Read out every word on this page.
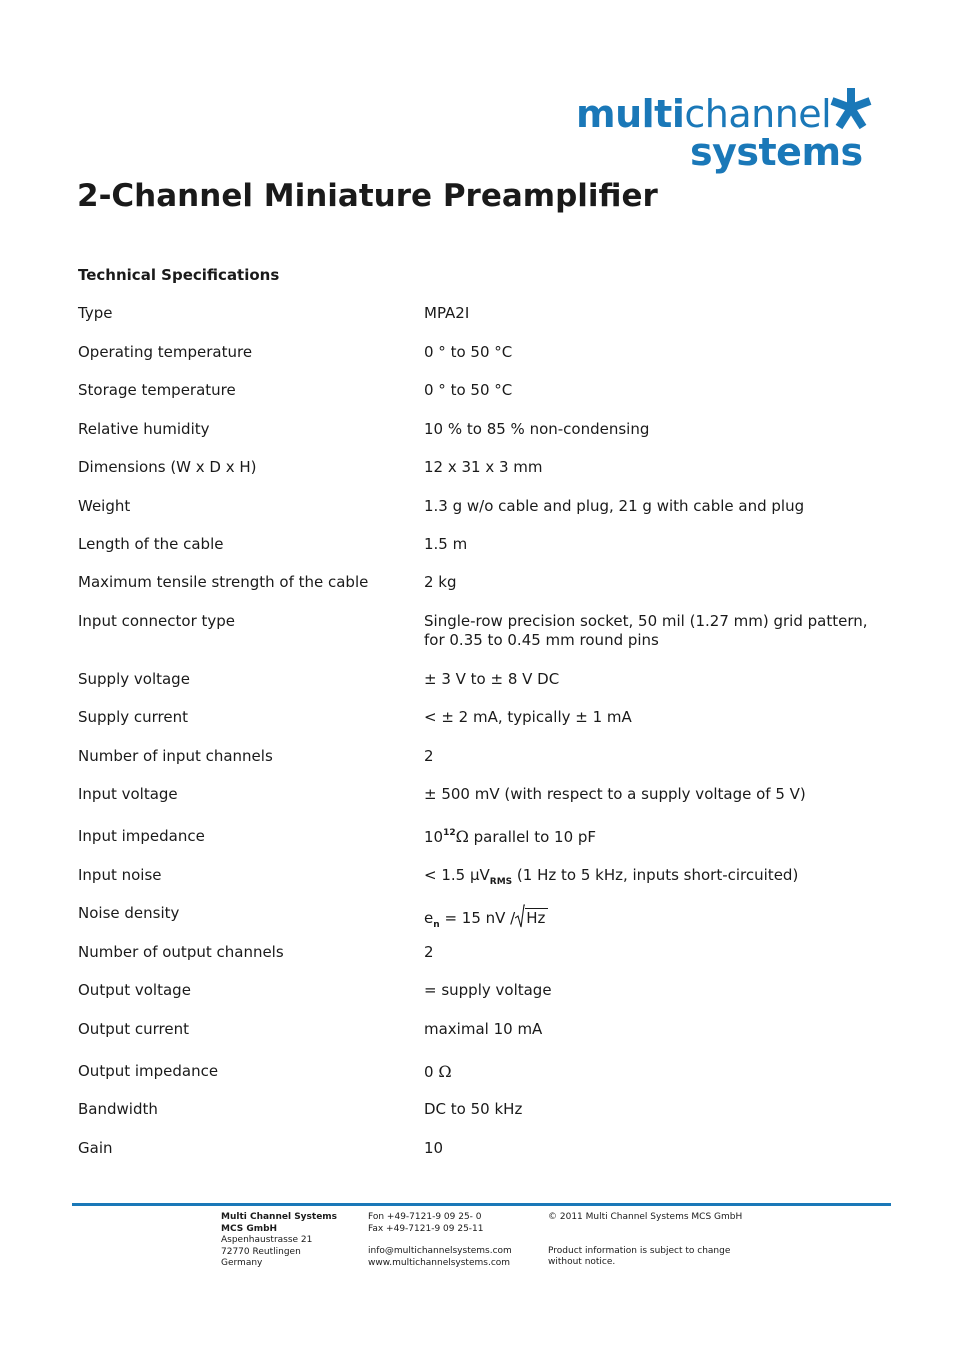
multichannel
systems
2-Channel Miniature Preamplifier
Technical Specifications
Type	MPA2I
Operating temperature	0 ° to 50 °C
Storage temperature	0 ° to 50 °C
Relative humidity	10 % to 85 % non-condensing
Dimensions (W x D x H)	12 x 31 x 3 mm
Weight	1.3 g w/o cable and plug, 21 g with cable and plug
Length of the cable	1.5 m
Maximum tensile strength of the cable	2 kg
Input connector type	Single-row precision socket, 50 mil (1.27 mm) grid pattern,
for 0.35 to 0.45 mm round pins
Supply voltage	± 3 V to ± 8 V DC
Supply current	< ± 2 mA, typically ± 1 mA
Number of input channels	2
Input voltage	± 500 mV (with respect to a supply voltage of 5 V)
Input impedance	$10^{12}\Omega$ parallel to 10 pF
Input noise	< 1.5 µV$_{RMS}$ (1 Hz to 5 kHz, inputs short-circuited)
Noise density	$e_n = 15$ nV / Hz
Number of output channels	2
Output voltage	= supply voltage
Output current	maximal 10 mA
Output impedance	0 Ω
Bandwidth	DC to 50 kHz
Gain	10
Multi Channel Systems
MCS GmbH
Aspenhaustrasse 21
72770 Reutlingen
Germany
Fon +49-7121-9 09 25- 0
Fax +49-7121-9 09 25-11
info@multichannelsystems.com
www.multichannelsystems.com
© 2011 Multi Channel Systems MCS GmbH
Product information is subject to change
without notice.
